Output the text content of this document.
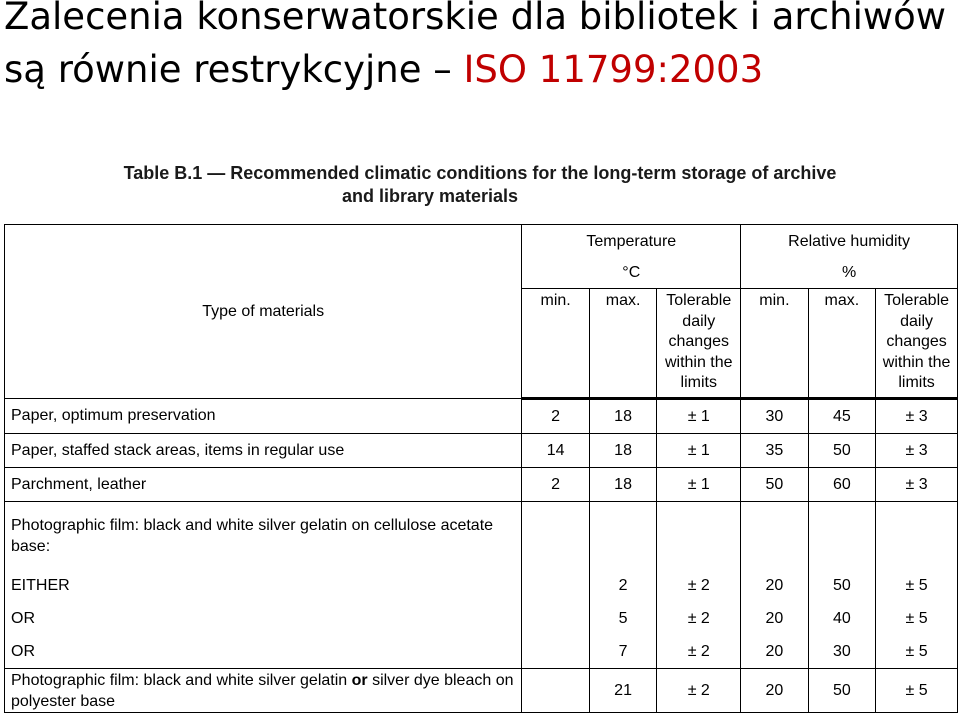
Zalecenia konserwatorskie dla bibliotek i archiwów
są równie restrykcyjne – ISO 11799:2003
Table B.1 — Recommended climatic conditions for the long-term storage of archive
and library materials
Type of materials	Temperature			Relative humidity		
	°C			%		
	min.	max.	Tolerable daily changes within the limits	min.	max.	Tolerable daily changes within the limits
Paper, optimum preservation	2	18	± 1	30	45	± 3
Paper, staffed stack areas, items in regular use	14	18	± 1	35	50	± 3
Parchment, leather	2	18	± 1	50	60	± 3
Photographic film: black and white silver gelatin on cellulose acetate base:						
EITHER		2	± 2	20	50	± 5
OR		5	± 2	20	40	± 5
OR		7	± 2	20	30	± 5
Photographic film: black and white silver gelatin or silver dye bleach on polyester base		21	± 2	20	50	± 5
